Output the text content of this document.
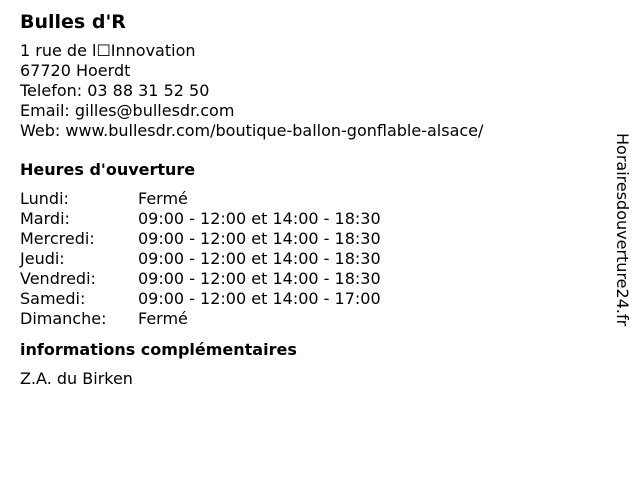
Bulles d'R
1 rue de l☐Innovation
67720 Hoerdt
Telefon: 03 88 31 52 50
Email: gilles@bullesdr.com
Web: www.bullesdr.com/boutique-ballon-gonflable-alsace/
Heures d'ouverture
Lundi:	Fermé
Mardi:	09:00 - 12:00 et 14:00 - 18:30
Mercredi:	09:00 - 12:00 et 14:00 - 18:30
Jeudi:	09:00 - 12:00 et 14:00 - 18:30
Vendredi:	09:00 - 12:00 et 14:00 - 18:30
Samedi:	09:00 - 12:00 et 14:00 - 17:00
Dimanche: Fermé
informations complémentaires
Z.A. du Birken
Horairesdouverture24.fr
